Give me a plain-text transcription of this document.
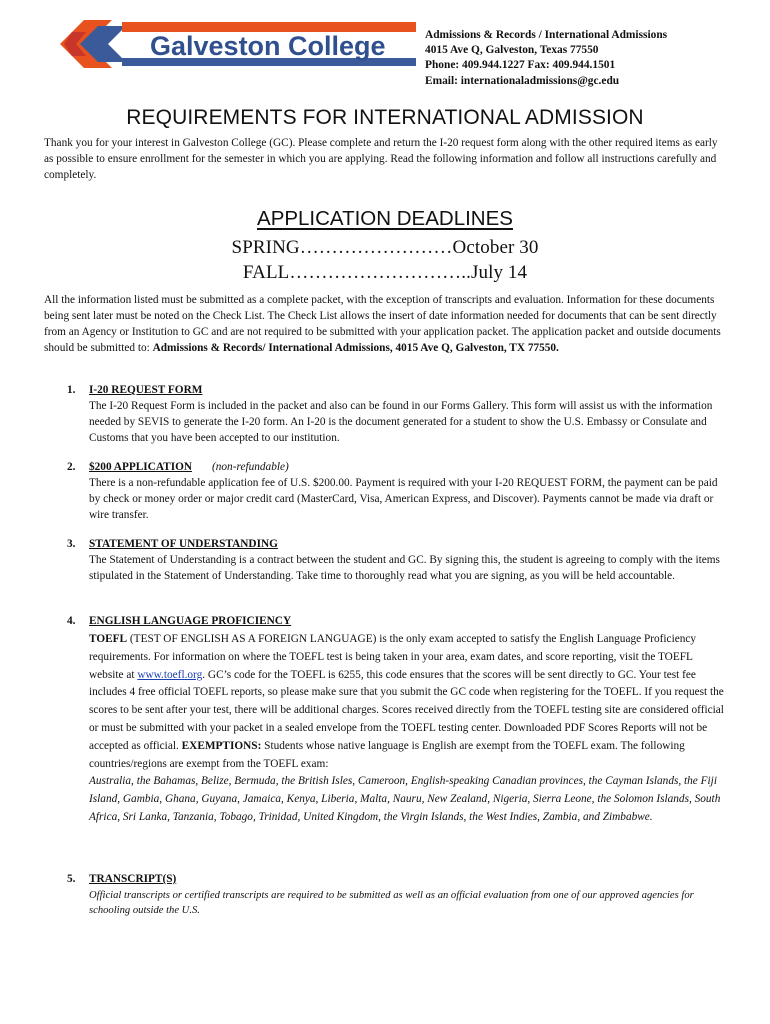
Galveston College	Admissions & Records / International Admissions
4015 Ave Q, Galveston, Texas 77550
Phone: 409.944.1227 Fax: 409.944.1501
Email: internationaladmissions@gc.edu
REQUIREMENTS FOR INTERNATIONAL ADMISSION
Thank you for your interest in Galveston College (GC). Please complete and return the I-20 request form along with the other required items as early as possible to ensure enrollment for the semester in which you are applying. Read the following information and follow all instructions carefully and completely.
APPLICATION DEADLINES
SPRING……………………October 30
FALL………………………..July 14
All the information listed must be submitted as a complete packet, with the exception of transcripts and evaluation. Information for these documents being sent later must be noted on the Check List. The Check List allows the insert of date information needed for documents that can be sent directly from an Agency or Institution to GC and are not required to be submitted with your application packet. The application packet and outside documents should be submitted to: Admissions & Records/ International Admissions, 4015 Ave Q, Galveston, TX 77550.
1. I-20 REQUEST FORM
The I-20 Request Form is included in the packet and also can be found in our Forms Gallery. This form will assist us with the information needed by SEVIS to generate the I-20 form. An I-20 is the document generated for a student to show the U.S. Embassy or Consulate and Customs that you have been accepted to our institution.
2. $200 APPLICATION (non-refundable)
There is a non-refundable application fee of U.S. $200.00. Payment is required with your I-20 REQUEST FORM, the payment can be paid by check or money order or major credit card (MasterCard, Visa, American Express, and Discover). Payments cannot be made via draft or wire transfer.
3. STATEMENT OF UNDERSTANDING
The Statement of Understanding is a contract between the student and GC. By signing this, the student is agreeing to comply with the items stipulated in the Statement of Understanding. Take time to thoroughly read what you are signing, as you will be held accountable.
4. ENGLISH LANGUAGE PROFICIENCY
TOEFL (TEST OF ENGLISH AS A FOREIGN LANGUAGE) is the only exam accepted to satisfy the English Language Proficiency requirements. For information on where the TOEFL test is being taken in your area, exam dates, and score reporting, visit the TOEFL website at www.toefl.org. GC’s code for the TOEFL is 6255, this code ensures that the scores will be sent directly to GC. Your test fee includes 4 free official TOEFL reports, so please make sure that you submit the GC code when registering for the TOEFL. If you request the scores to be sent after your test, there will be additional charges. Scores received directly from the TOEFL testing site are considered official or must be submitted with your packet in a sealed envelope from the TOEFL testing center. Downloaded PDF Scores Reports will not be accepted as official. EXEMPTIONS: Students whose native language is English are exempt from the TOEFL exam. The following countries/regions are exempt from the TOEFL exam:
Australia, the Bahamas, Belize, Bermuda, the British Isles, Cameroon, English-speaking Canadian provinces, the Cayman Islands, the Fiji Island, Gambia, Ghana, Guyana, Jamaica, Kenya, Liberia, Malta, Nauru, New Zealand, Nigeria, Sierra Leone, the Solomon Islands, South Africa, Sri Lanka, Tanzania, Tobago, Trinidad, United Kingdom, the Virgin Islands, the West Indies, Zambia, and Zimbabwe.
5. TRANSCRIPT(S)
Official transcripts or certified transcripts are required to be submitted as well as an official evaluation from one of our approved agencies for schooling outside the U.S.
